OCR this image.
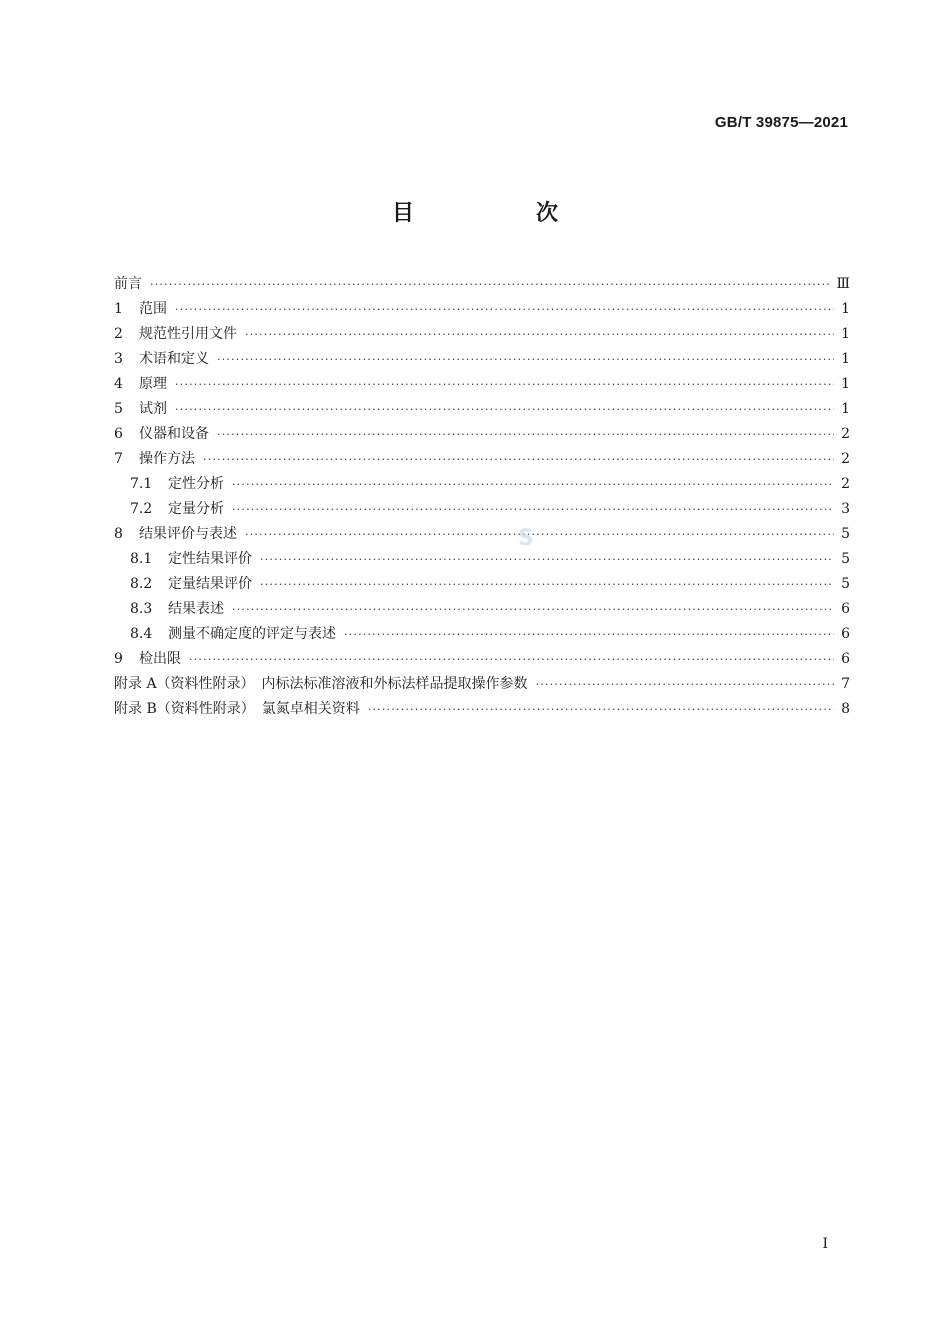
GB/T 39875—2021
目　次
前言 ·····	Ⅲ
1	范围 ·····	1
2	规范性引用文件 ·····	1
3	术语和定义 ·····	1
4	原理 ·····	1
5	试剂 ·····	1
6	仪器和设备 ·····	2
7	操作方法 ·····	2
7.1	定性分析 ·····	2
7.2	定量分析 ·····	3
8	结果评价与表述 ·····	5
8.1	定性结果评价 ·····	5
8.2	定量结果评价 ·····	5
8.3	结果表述 ·····	6
8.4	测量不确定度的评定与表述 ·····	6
9	检出限 ·····	6
附录 A（资料性附录）　内标法标准溶液和外标法样品提取操作参数 ·····	7
附录 B（资料性附录）　氯氮卓相关资料 ·····	8
S
Ⅰ
